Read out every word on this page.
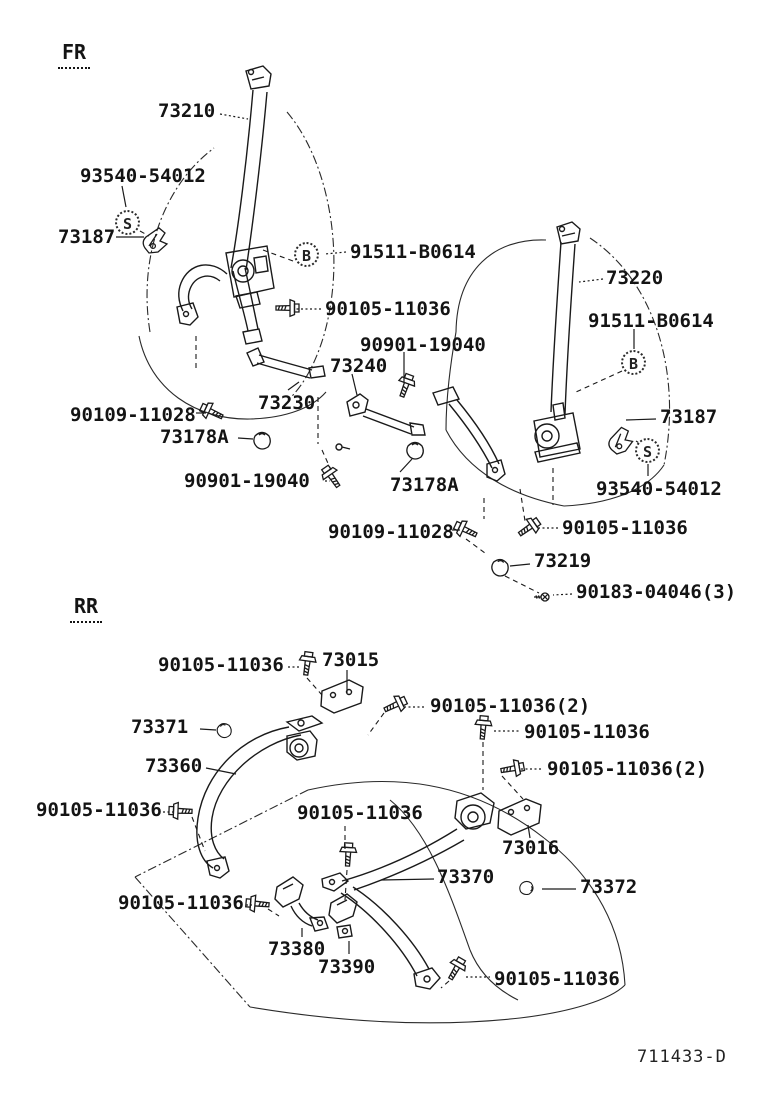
FR
RR
S
B
B
S
73210
93540-54012
73187
91511-B0614
90105-11036
90901-19040
73240
73220
91511-B0614
90109-11028
73230
73178A
90901-19040	73178A
73187
93540-54012
90109-11028	90105-11036
73219
90183-04046(3)
90105-11036 73015
90105-11036(2)
90105-11036
90105-11036(2)
73371
73360
90105-11036	90105-11036
73016
73370	73372
90105-11036
73380
73390
90105-11036
711433-D
